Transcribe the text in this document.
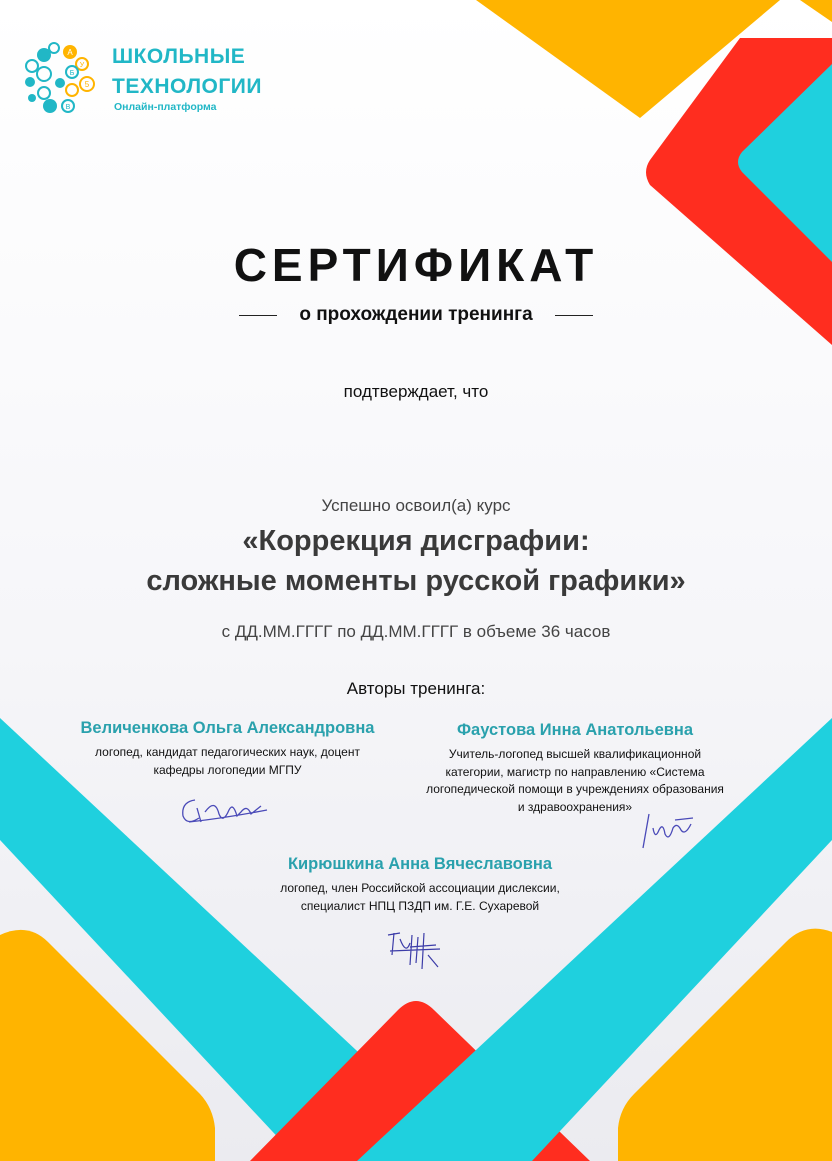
А
У
Б
5
В
ШКОЛЬНЫЕ
ТЕХНОЛОГИИ
Онлайн-платформа
СЕРТИФИКАТ
о прохождении тренинга
подтверждает, что
Успешно освоил(а) курс
«Коррекция дисграфии:
сложные моменты русской графики»
с ДД.ММ.ГГГГ по ДД.ММ.ГГГГ в объеме 36 часов
Авторы тренинга:
Величенкова Ольга Александровна
логопед, кандидат педагогических наук, доцент
кафедры логопедии МГПУ
Фаустова Инна Анатольевна
Учитель-логопед высшей квалификационной
категории, магистр по направлению «Система
логопедической помощи в учреждениях образования
и здравоохранения»
Кирюшкина Анна Вячеславовна
логопед, член Российской ассоциации дислексии,
специалист НПЦ ПЗДП им. Г.Е. Сухаревой
